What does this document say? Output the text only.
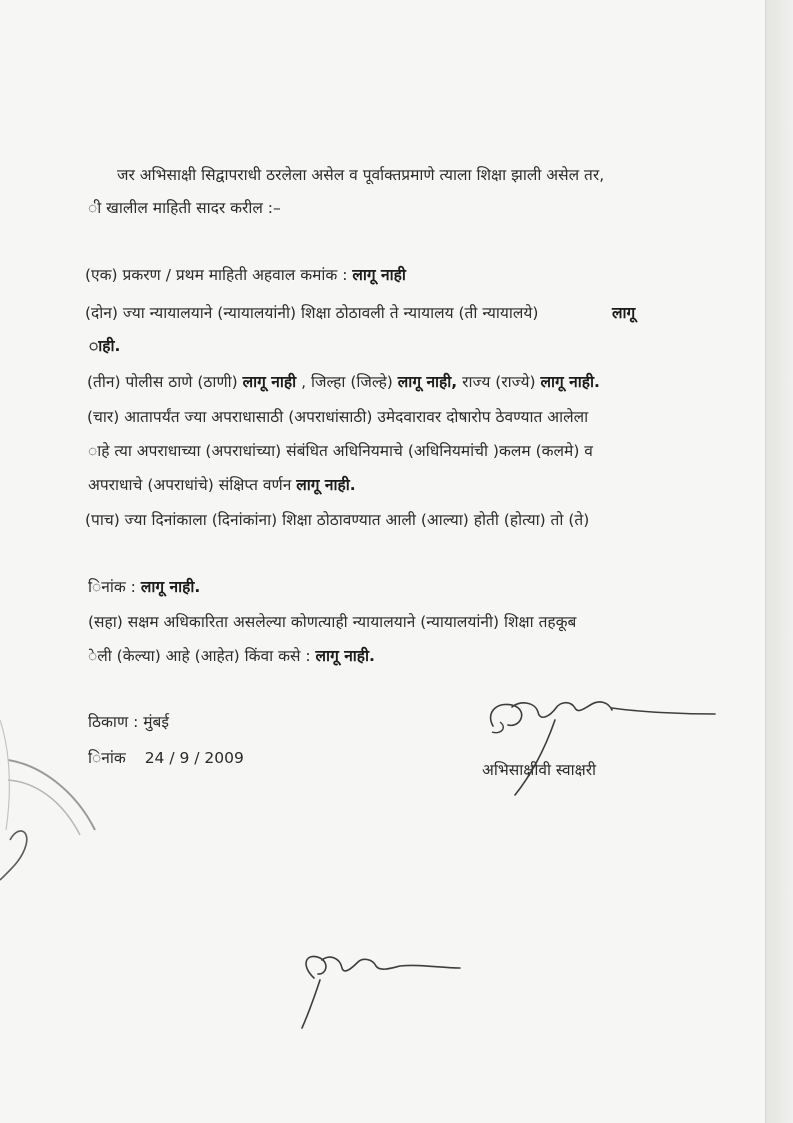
जर अभिसाक्षी सिद्वापराधी ठरलेला असेल व पूर्वाक्तप्रमाणे त्याला शिक्षा झाली असेल तर,
ी खालील माहिती सादर करील :–
(एक) प्रकरण / प्रथम माहिती अहवाल कमांक : लागू नाही
(दोन) ज्या न्यायालयाने (न्यायालयांनी) शिक्षा ठोठावली ते न्यायालय (ती न्यायालये)	लागू
ाही.
(तीन) पोलीस ठाणे (ठाणी) लागू नाही , जिल्हा (जिल्हे) लागू नाही, राज्य (राज्ये) लागू नाही.
(चार) आतापर्यंत ज्या अपराधासाठी (अपराधांसाठी) उमेदवारावर दोषारोप ठेवण्यात आलेला
ाहे त्या अपराधाच्या (अपराधांच्या) संबंधित अधिनियमाचे (अधिनियमांची )कलम (कलमे) व
अपराधाचे (अपराधांचे) संक्षिप्त वर्णन लागू नाही.
(पाच) ज्या दिनांकाला (दिनांकांना) शिक्षा ठोठावण्यात आली (आल्या) होती (होत्या) तो (ते)
िनांक : लागू नाही.
(सहा) सक्षम अधिकारिता असलेल्या कोणत्याही न्यायालयाने (न्यायालयांनी) शिक्षा तहकूब
ेली (केल्या) आहे (आहेत) किंवा कसे : लागू नाही.
ठिकाण : मुंबई
िनांक 24 / 9 / 2009
अभिसाक्षीवी स्वाक्षरी
